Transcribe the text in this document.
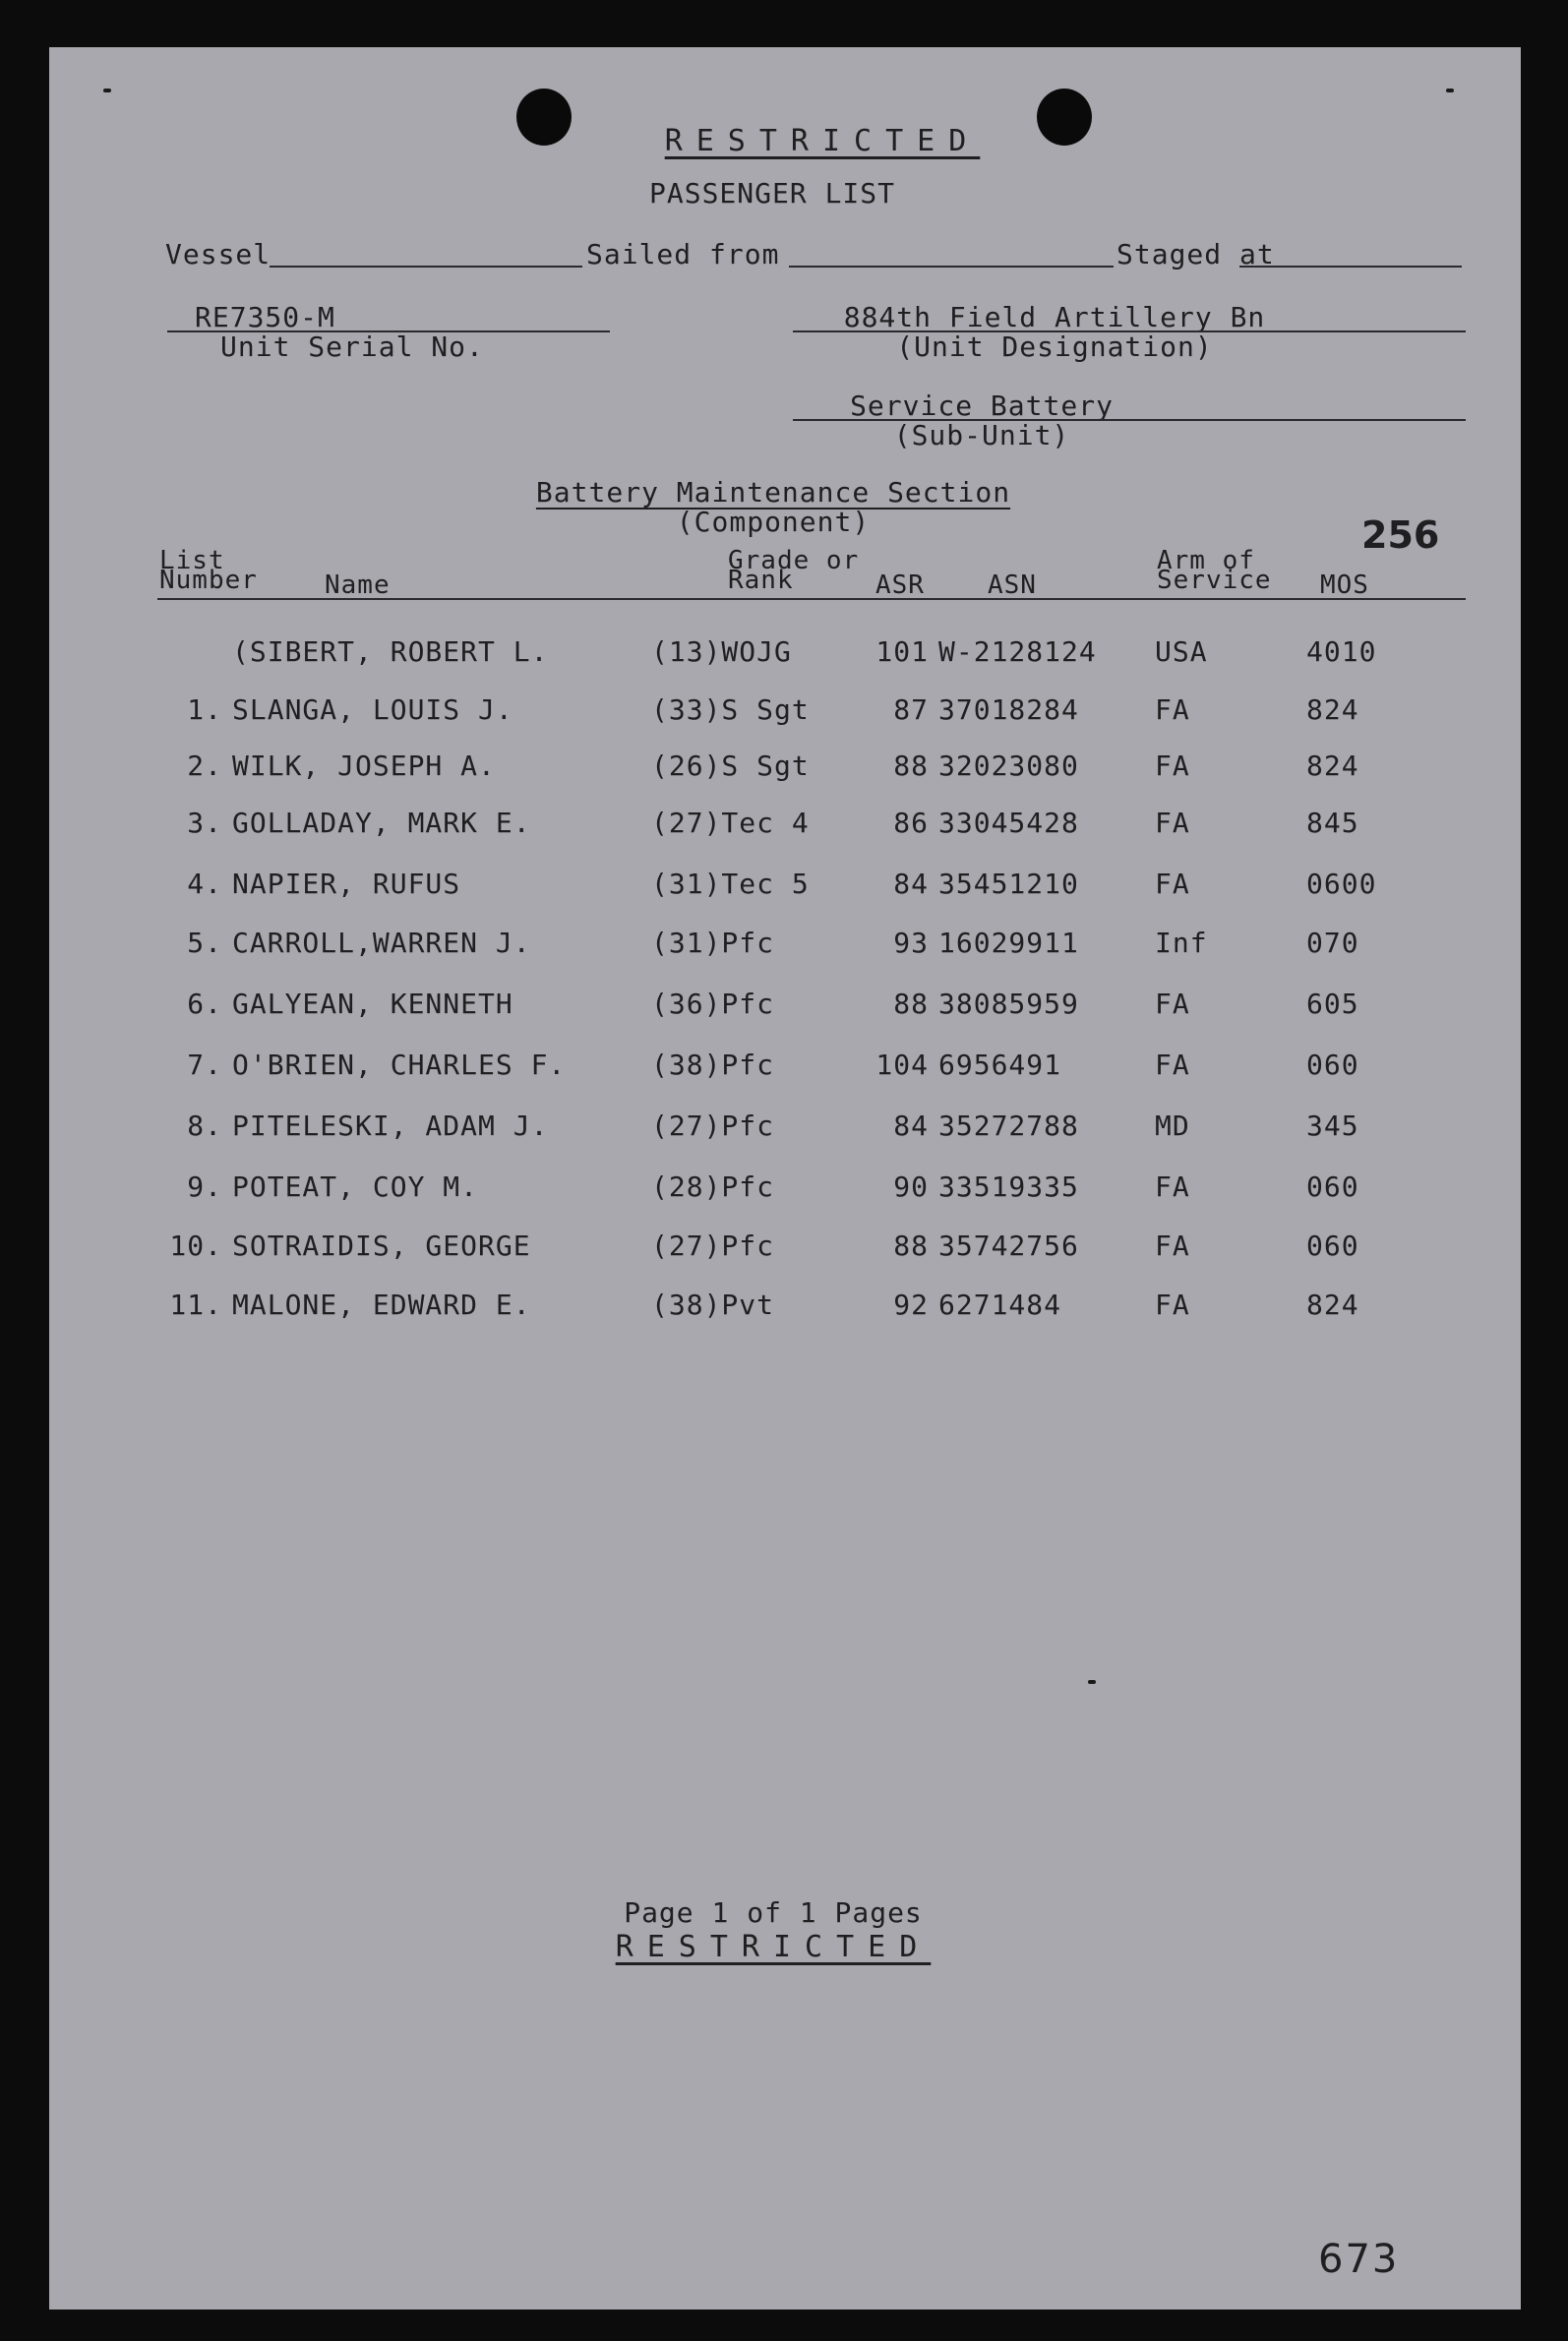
RESTRICTED
PASSENGER LIST
Vessel	Sailed from	Staged at
RE7350-M
Unit Serial No.
884th Field Artillery Bn
(Unit Designation)
Service Battery
(Sub-Unit)
Battery Maintenance Section
(Component)	256
List
Number	Name
Grade or
Rank	ASR ASN
Arm of
Service MOS
(SIBERT, ROBERT L.	(13)WOJG	101 W-2128124 USA	4010
1. SLANGA, LOUIS J.	(33)S Sgt	87 37018284	FA	824
2. WILK, JOSEPH A.	(26)S Sgt	88 32023080	FA	824
3. GOLLADAY, MARK E.	(27)Tec 4	86 33045428	FA	845
4. NAPIER, RUFUS	(31)Tec 5	84 35451210	FA	0600
5. CARROLL,WARREN J.	(31)Pfc	93 16029911	Inf	070
6. GALYEAN, KENNETH	(36)Pfc	88 38085959	FA	605
7. O'BRIEN, CHARLES F.	(38)Pfc	104 6956491	FA	060
8. PITELESKI, ADAM J.	(27)Pfc	84 35272788	MD	345
9. POTEAT, COY M.	(28)Pfc	90 33519335	FA	060
10. SOTRAIDIS, GEORGE	(27)Pfc	88 35742756	FA	060
11. MALONE, EDWARD E.	(38)Pvt	92 6271484	FA	824
Page 1 of 1 Pages
RESTRICTED
673
